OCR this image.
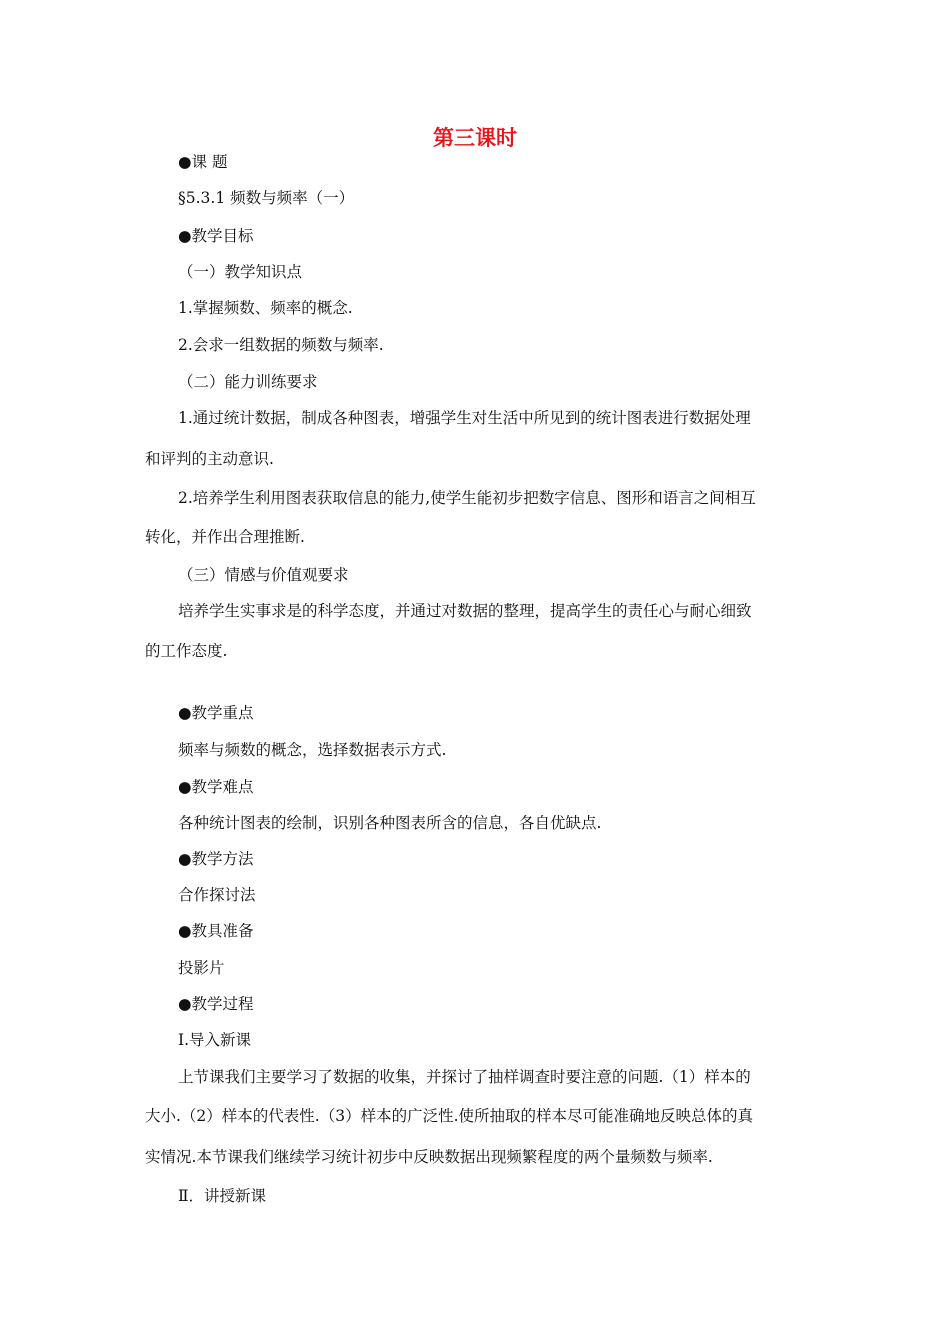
第三课时
●课 题
§5.3.1 频数与频率（一）
●教学目标
（一）教学知识点
1.掌握频数、频率的概念.
2.会求一组数据的频数与频率.
（二）能力训练要求
1.通过统计数据，制成各种图表，增强学生对生活中所见到的统计图表进行数据处理
和评判的主动意识.
2.培养学生利用图表获取信息的能力,使学生能初步把数字信息、图形和语言之间相互
转化，并作出合理推断.
（三）情感与价值观要求
培养学生实事求是的科学态度，并通过对数据的整理，提高学生的责任心与耐心细致
的工作态度.
●教学重点
频率与频数的概念，选择数据表示方式.
●教学难点
各种统计图表的绘制，识别各种图表所含的信息，各自优缺点.
●教学方法
合作探讨法
●教具准备
投影片
●教学过程
Ⅰ.导入新课
上节课我们主要学习了数据的收集，并探讨了抽样调查时要注意的问题.（1）样本的
大小.（2）样本的代表性.（3）样本的广泛性.使所抽取的样本尽可能准确地反映总体的真
实情况.本节课我们继续学习统计初步中反映数据出现频繁程度的两个量频数与频率.
Ⅱ．讲授新课
